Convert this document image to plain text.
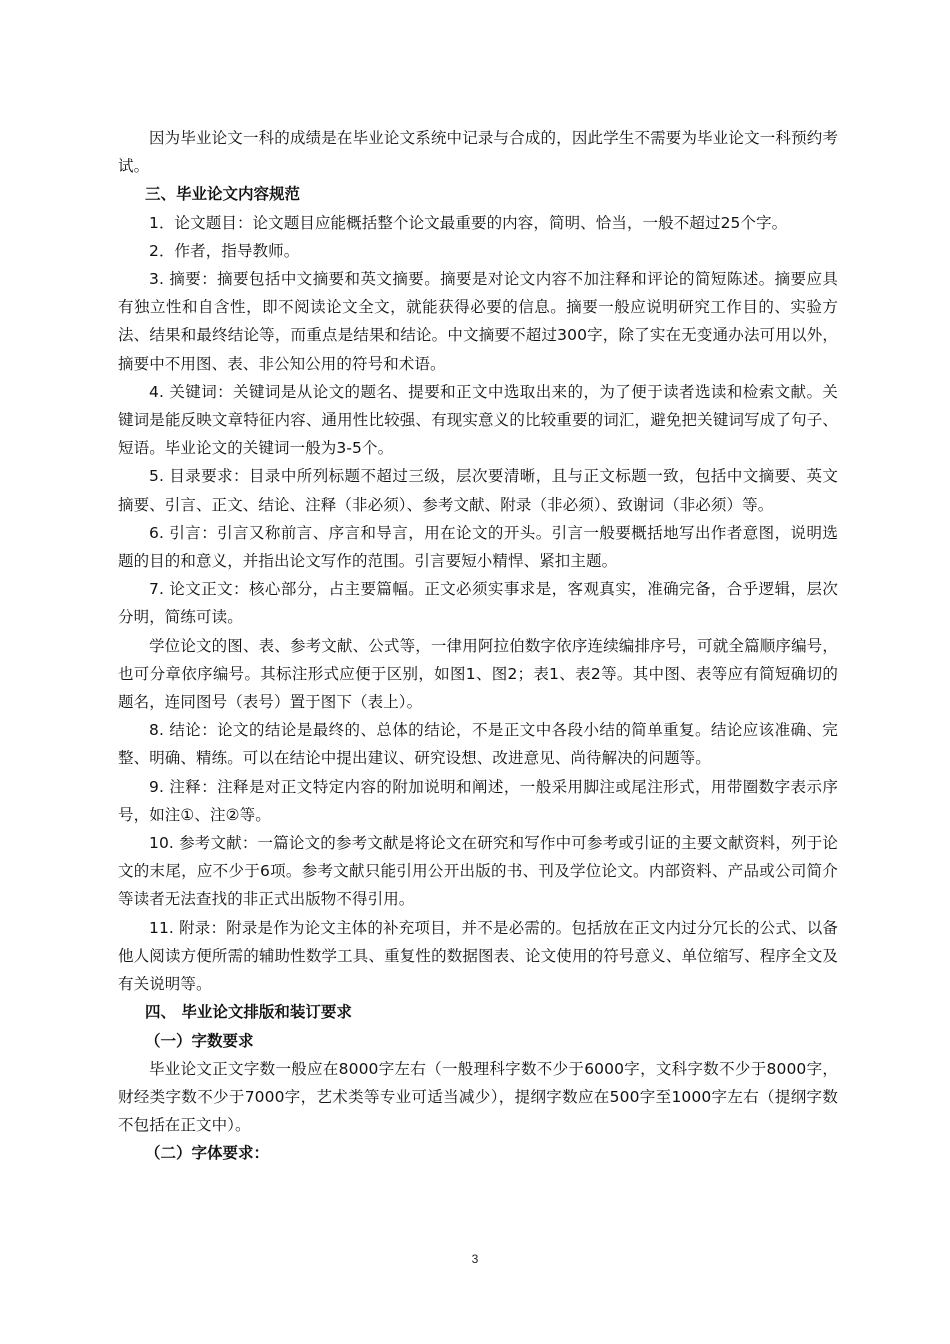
因为毕业论文一科的成绩是在毕业论文系统中记录与合成的，因此学生不需要为毕业论文一科预约考试。

三、毕业论文内容规范

1．论文题目：论文题目应能概括整个论文最重要的内容，简明、恰当，一般不超过25个字。

2．作者，指导教师。

3. 摘要：摘要包括中文摘要和英文摘要。摘要是对论文内容不加注释和评论的简短陈述。摘要应具有独立性和自含性，即不阅读论文全文，就能获得必要的信息。摘要一般应说明研究工作目的、实验方法、结果和最终结论等，而重点是结果和结论。中文摘要不超过300字，除了实在无变通办法可用以外，摘要中不用图、表、非公知公用的符号和术语。

4. 关键词：关键词是从论文的题名、提要和正文中选取出来的，为了便于读者选读和检索文献。关键词是能反映文章特征内容、通用性比较强、有现实意义的比较重要的词汇，避免把关键词写成了句子、短语。毕业论文的关键词一般为3-5个。

5. 目录要求：目录中所列标题不超过三级，层次要清晰，且与正文标题一致，包括中文摘要、英文摘要、引言、正文、结论、注释（非必须）、参考文献、附录（非必须）、致谢词（非必须）等。

6. 引言：引言又称前言、序言和导言，用在论文的开头。引言一般要概括地写出作者意图，说明选题的目的和意义，并指出论文写作的范围。引言要短小精悍、紧扣主题。

7. 论文正文：核心部分，占主要篇幅。正文必须实事求是，客观真实，准确完备，合乎逻辑，层次分明，简练可读。

学位论文的图、表、参考文献、公式等，一律用阿拉伯数字依序连续编排序号，可就全篇顺序编号，也可分章依序编号。其标注形式应便于区别，如图1、图2；表1、表2等。其中图、表等应有简短确切的题名，连同图号（表号）置于图下（表上）。

8. 结论：论文的结论是最终的、总体的结论，不是正文中各段小结的简单重复。结论应该准确、完整、明确、精练。可以在结论中提出建议、研究设想、改进意见、尚待解决的问题等。

9. 注释：注释是对正文特定内容的附加说明和阐述，一般采用脚注或尾注形式，用带圈数字表示序号，如注①、注②等。

10. 参考文献：一篇论文的参考文献是将论文在研究和写作中可参考或引证的主要文献资料，列于论文的末尾，应不少于6项。参考文献只能引用公开出版的书、刊及学位论文。内部资料、产品或公司简介等读者无法查找的非正式出版物不得引用。

11. 附录：附录是作为论文主体的补充项目，并不是必需的。包括放在正文内过分冗长的公式、以备他人阅读方便所需的辅助性数学工具、重复性的数据图表、论文使用的符号意义、单位缩写、程序全文及有关说明等。

四、 毕业论文排版和装订要求

（一）字数要求

毕业论文正文字数一般应在8000字左右（一般理科字数不少于6000字，文科字数不少于8000字，财经类字数不少于7000字，艺术类等专业可适当减少），提纲字数应在500字至1000字左右（提纲字数不包括在正文中）。

（二）字体要求：

3
